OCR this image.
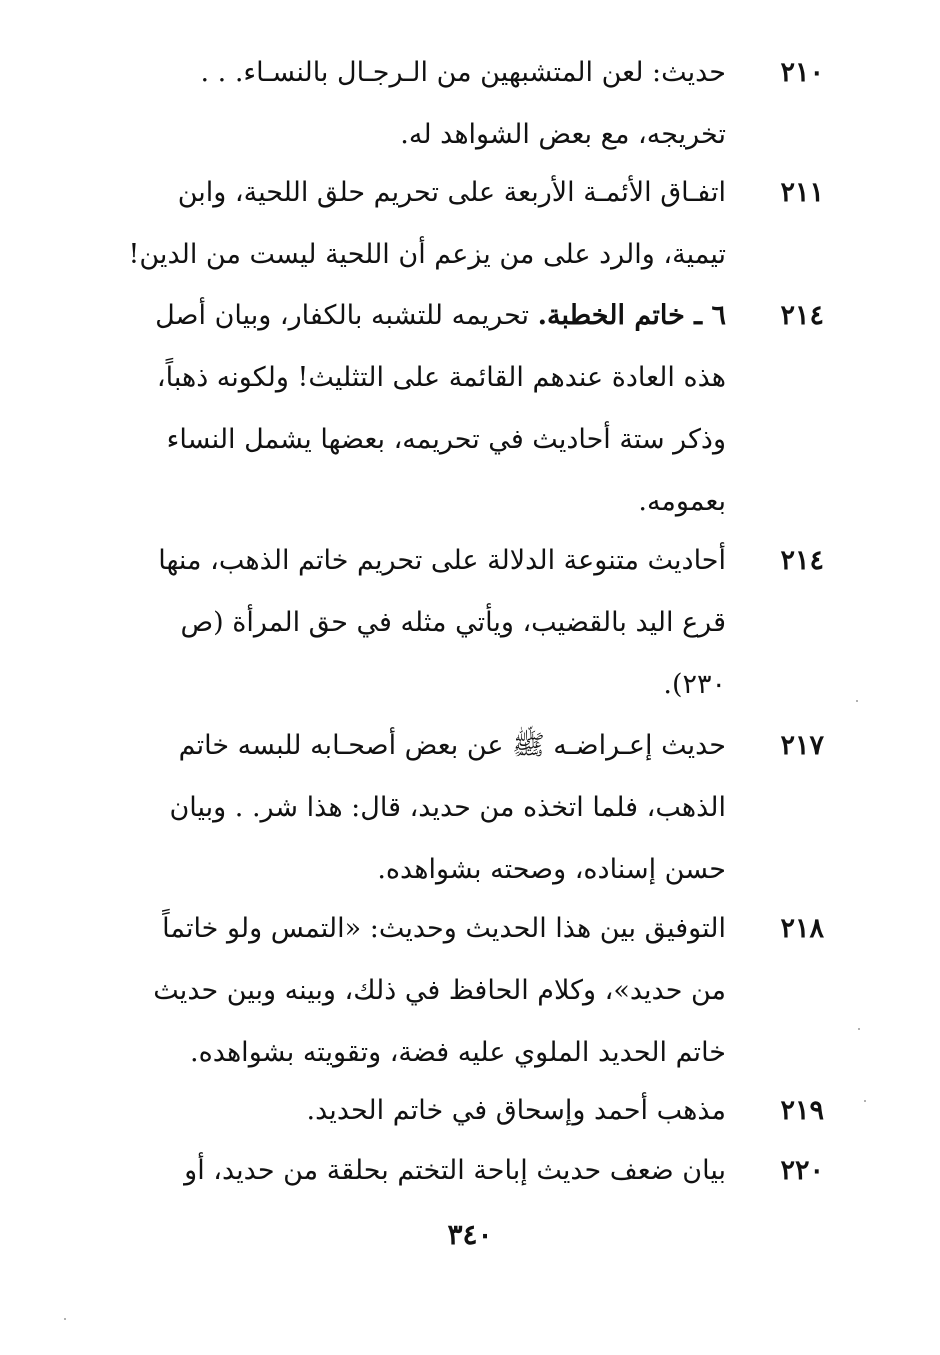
٢١٠
حديث: لعن المتشبهين من الـرجـال بالنسـاء. . .
تخريجه، مع بعض الشواهد له.
٢١١
اتفـاق الأئمـة الأربعة على تحريم حلق اللحية، وابن
تيمية، والرد على من يزعم أن اللحية ليست من الدين!
٢١٤
٦ ـ خاتم الخطبة. تحريمه للتشبه بالكفار، وبيان أصل
هذه العادة عندهم القائمة على التثليث! ولكونه ذهباً،
وذكر ستة أحاديث في تحريمه، بعضها يشمل النساء
بعمومه.
٢١٤
أحاديث متنوعة الدلالة على تحريم خاتم الذهب، منها
قرع اليد بالقضيب، ويأتي مثله في حق المرأة (ص
٢٣٠).
٢١٧
حديث إعـراضـه ﷺ عن بعض أصحـابه للبسه خاتم
الذهب، فلما اتخذه من حديد، قال: هذا شر. . وبيان
حسن إسناده، وصحته بشواهده.
٢١٨
التوفيق بين هذا الحديث وحديث: «التمس ولو خاتماً
من حديد»، وكلام الحافظ في ذلك، وبينه وبين حديث
خاتم الحديد الملوي عليه فضة، وتقويته بشواهده.
٢١٩
مذهب أحمد وإسحاق في خاتم الحديد.
٢٢٠
بيان ضعف حديث إباحة التختم بحلقة من حديد، أو
٣٤٠
